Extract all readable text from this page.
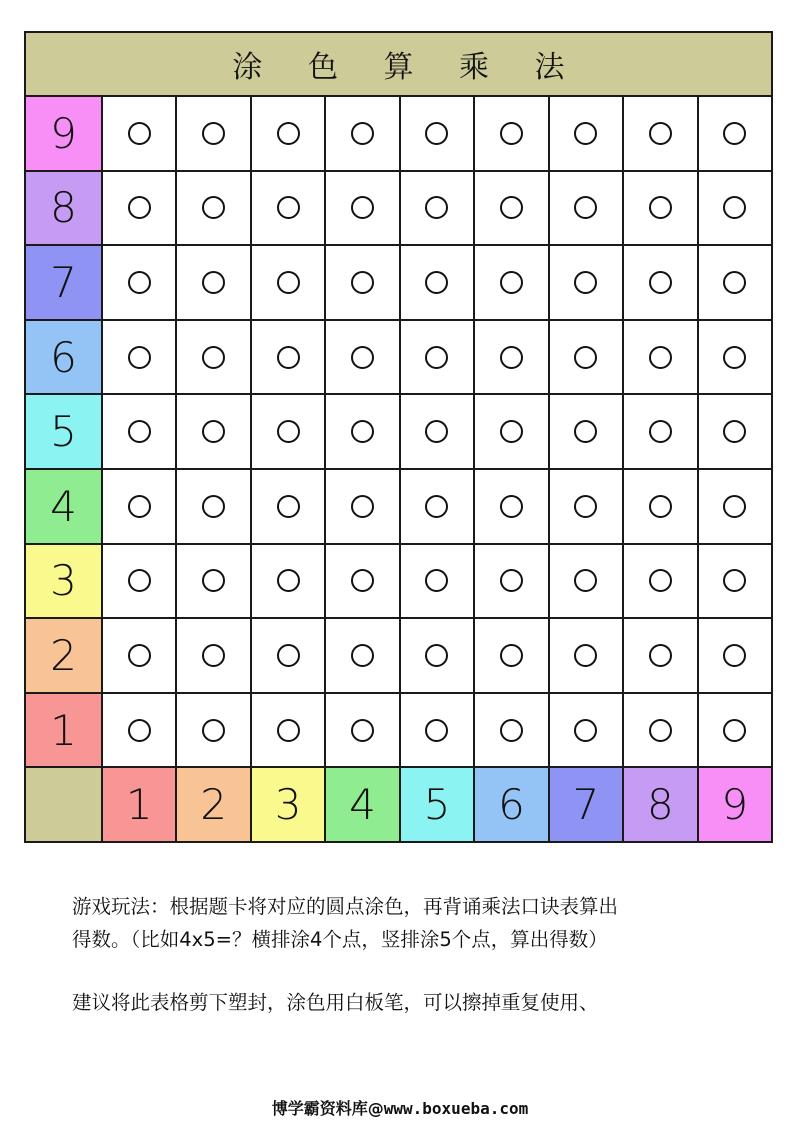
涂 色 算 乘 法
9
8
7
6
5
4
3
2
1
1	2	3	4	5	6	7	8	9

游戏玩法：根据题卡将对应的圆点涂色，再背诵乘法口诀表算出

得数。（比如4x5=？横排涂4个点，竖排涂5个点，算出得数）

建议将此表格剪下塑封，涂色用白板笔，可以擦掉重复使用、

博学霸资料库@www.boxueba.com
